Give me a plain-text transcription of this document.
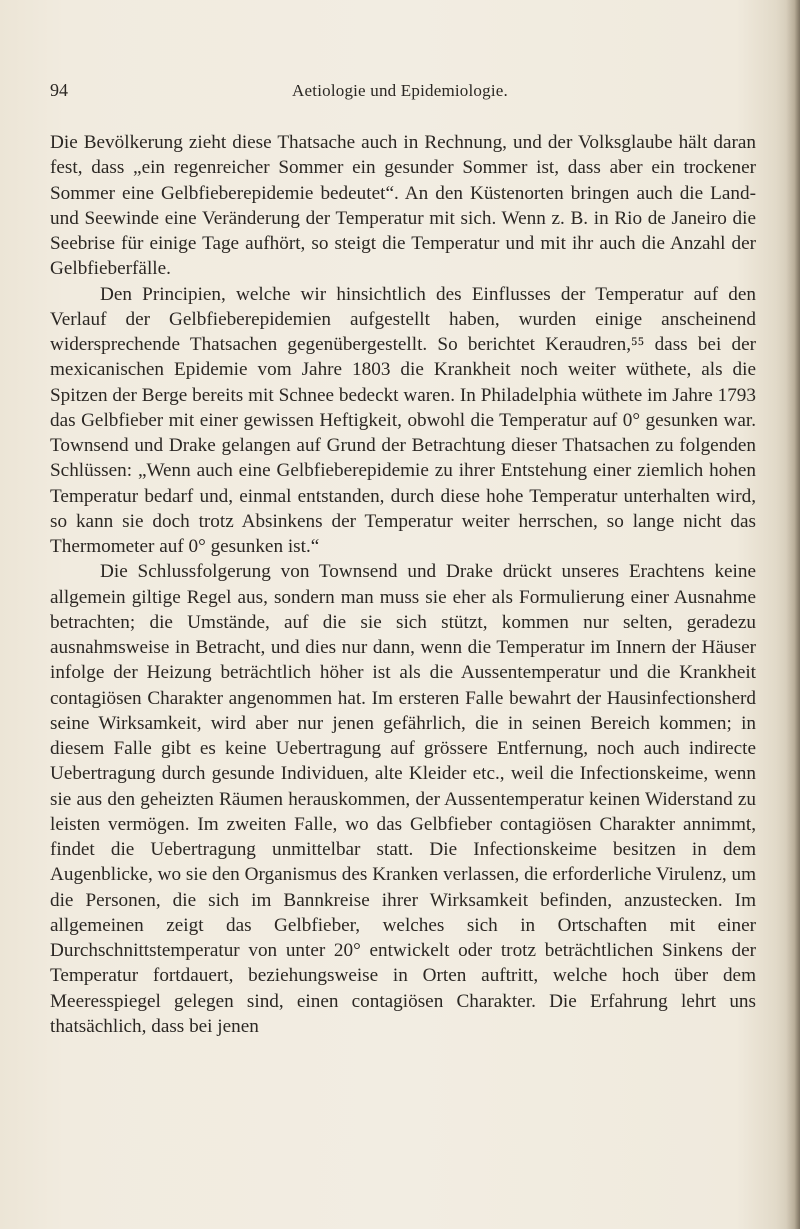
94	Aetiologie und Epidemiologie.

Die Bevölkerung zieht diese Thatsache auch in Rechnung, und der Volksglaube hält daran fest, dass „ein regenreicher Sommer ein gesunder Sommer ist, dass aber ein trockener Sommer eine Gelbfieberepidemie bedeutet“. An den Küstenorten bringen auch die Land- und Seewinde eine Veränderung der Temperatur mit sich. Wenn z. B. in Rio de Janeiro die Seebrise für einige Tage aufhört, so steigt die Temperatur und mit ihr auch die Anzahl der Gelbfieberfälle.

Den Principien, welche wir hinsichtlich des Einflusses der Temperatur auf den Verlauf der Gelbfieberepidemien aufgestellt haben, wurden einige anscheinend widersprechende Thatsachen gegenübergestellt. So berichtet Keraudren,⁵⁵ dass bei der mexicanischen Epidemie vom Jahre 1803 die Krankheit noch weiter wüthete, als die Spitzen der Berge bereits mit Schnee bedeckt waren. In Philadelphia wüthete im Jahre 1793 das Gelbfieber mit einer gewissen Heftigkeit, obwohl die Temperatur auf 0° gesunken war. Townsend und Drake gelangen auf Grund der Betrachtung dieser Thatsachen zu folgenden Schlüssen: „Wenn auch eine Gelbfieberepidemie zu ihrer Entstehung einer ziemlich hohen Temperatur bedarf und, einmal entstanden, durch diese hohe Temperatur unterhalten wird, so kann sie doch trotz Absinkens der Temperatur weiter herrschen, so lange nicht das Thermometer auf 0° gesunken ist.“

Die Schlussfolgerung von Townsend und Drake drückt unseres Erachtens keine allgemein giltige Regel aus, sondern man muss sie eher als Formulierung einer Ausnahme betrachten; die Umstände, auf die sie sich stützt, kommen nur selten, geradezu ausnahmsweise in Betracht, und dies nur dann, wenn die Temperatur im Innern der Häuser infolge der Heizung beträchtlich höher ist als die Aussentemperatur und die Krankheit contagiösen Charakter angenommen hat. Im ersteren Falle bewahrt der Hausinfectionsherd seine Wirksamkeit, wird aber nur jenen gefährlich, die in seinen Bereich kommen; in diesem Falle gibt es keine Uebertragung auf grössere Entfernung, noch auch indirecte Uebertragung durch gesunde Individuen, alte Kleider etc., weil die Infectionskeime, wenn sie aus den geheizten Räumen herauskommen, der Aussentemperatur keinen Widerstand zu leisten vermögen. Im zweiten Falle, wo das Gelbfieber contagiösen Charakter annimmt, findet die Uebertragung unmittelbar statt. Die Infectionskeime besitzen in dem Augenblicke, wo sie den Organismus des Kranken verlassen, die erforderliche Virulenz, um die Personen, die sich im Bannkreise ihrer Wirksamkeit befinden, anzustecken. Im allgemeinen zeigt das Gelbfieber, welches sich in Ortschaften mit einer Durchschnittstemperatur von unter 20° entwickelt oder trotz beträchtlichen Sinkens der Temperatur fortdauert, beziehungsweise in Orten auftritt, welche hoch über dem Meeresspiegel gelegen sind, einen contagiösen Charakter. Die Erfahrung lehrt uns thatsächlich, dass bei jenen
